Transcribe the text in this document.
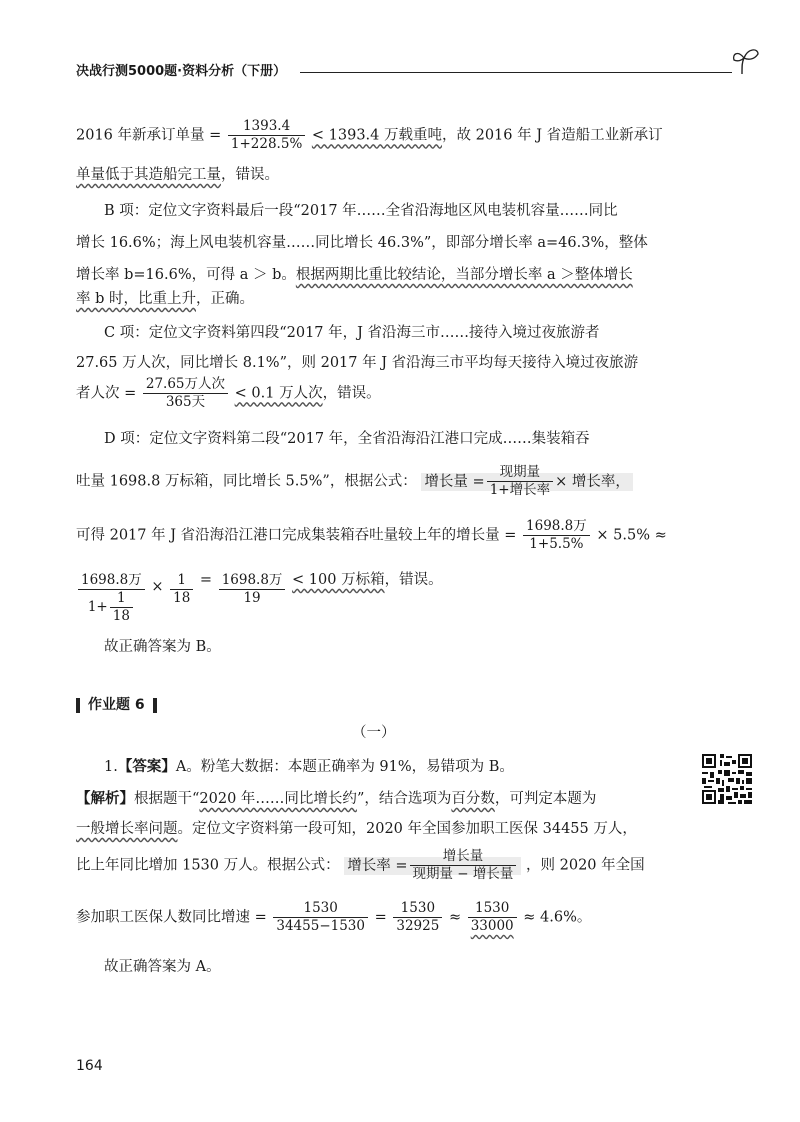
决战行测5000题·资料分析（下册）
2016 年新承订单量 = $\frac{1393.4}{1+228.5\%} < 1393.4$ 万载重吨，故 2016 年 J 省造船工业新承订
单量低于其造船完工量，错误。
B 项：定位文字资料最后一段“2017 年……全省沿海地区风电装机容量……同比
增长 16.6%；海上风电装机容量……同比增长 46.3%”，即部分增长率 a=46.3%，整体
增长率 b=16.6%，可得 a ＞ b。根据两期比重比较结论，当部分增长率 a ＞整体增长
率 b 时，比重上升，正确。
C 项：定位文字资料第四段“2017 年，J 省沿海三市……接待入境过夜旅游者
27.65 万人次，同比增长 8.1%”，则 2017 年 J 省沿海三市平均每天接待入境过夜旅游
者人次 = $\frac{\text{27.65万人次}}{\text{365天}} < 0.1$ 万人次，错误。
D 项：定位文字资料第二段“2017 年，全省沿海沿江港口完成……集装箱吞
吐量 1698.8 万标箱，同比增长 5.5%”，根据公式： 增长量 = $\frac{\text{现期量}}{\text{1+增长率}}$ × 增长率，
可得 2017 年 J 省沿海沿江港口完成集装箱吞吐量较上年的增长量 = $\frac{\text{1698.8万}}{1+5.5\%} \times 5.5\%$ ≈
$\frac{\text{1698.8万}}{1+ \frac{1}{18}} \times \frac{1}{18} = \frac{\text{1698.8万}}{19} < 100$ 万标箱，错误。
故正确答案为 B。
作业题 6
（一）
1.【答案】A。粉笔大数据：本题正确率为 91%，易错项为 B。
【解析】根据题干“2020 年……同比增长约”，结合选项为百分数，可判定本题为
一般增长率问题。定位文字资料第一段可知，2020 年全国参加职工医保 34455 万人，
比上年同比增加 1530 万人。根据公式： 增长率 = $\frac{\text{增长量}}{\text{现期量 − 增长量}}$ ，则 2020 年全国
参加职工医保人数同比增速 = $\frac{1530}{34455-1530} = \frac{1530}{32925} \approx \frac{1530}{33000} \approx 4.6\%$。
故正确答案为 A。
164
